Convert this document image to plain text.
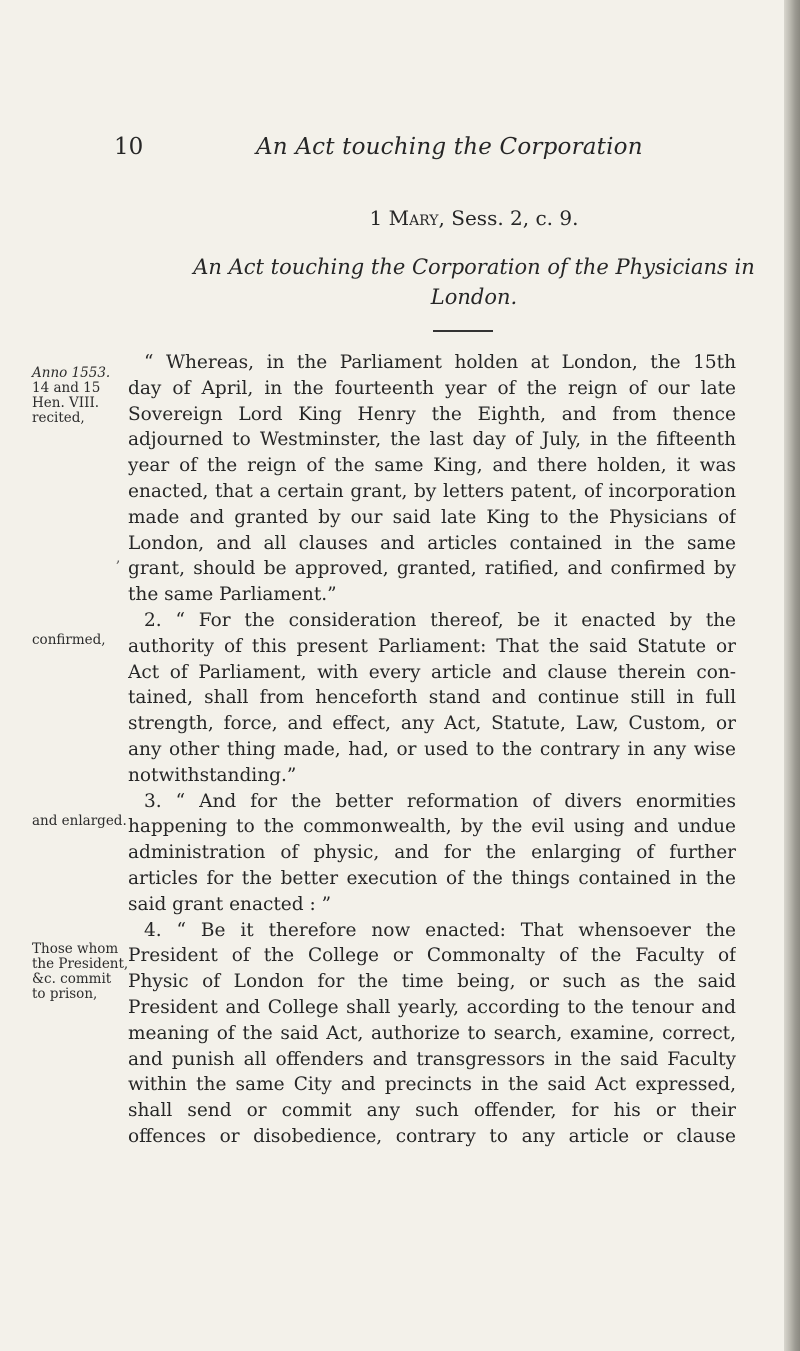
10	An Act touching the Corporation

1 Mary, Sess. 2, c. 9.

An Act touching the Corporation of the Physicians in
London.

Anno 1553.
14 and 15
Hen. VIII.
recited,
confirmed,
and enlarged.
Those whom
the President,
&c. commit
to prison,
,
“ Whereas, in the Parliament holden at London, the 15th
day of April, in the fourteenth year of the reign of our late
Sovereign Lord King Henry the Eighth, and from thence
adjourned to Westminster, the last day of July, in the fifteenth
year of the reign of the same King, and there holden, it was
enacted, that a certain grant, by letters patent, of incorporation
made and granted by our said late King to the Physicians of
London, and all clauses and articles contained in the same
grant, should be approved, granted, ratified, and confirmed by
the same Parliament.”
2. “ For the consideration thereof, be it enacted by the
authority of this present Parliament: That the said Statute or
Act of Parliament, with every article and clause therein con-
tained, shall from henceforth stand and continue still in full
strength, force, and effect, any Act, Statute, Law, Custom, or
any other thing made, had, or used to the contrary in any wise
notwithstanding.”
3. “ And for the better reformation of divers enormities
happening to the commonwealth, by the evil using and undue
administration of physic, and for the enlarging of further
articles for the better execution of the things contained in the
said grant enacted : ”
4. “ Be it therefore now enacted: That whensoever the
President of the College or Commonalty of the Faculty of
Physic of London for the time being, or such as the said
President and College shall yearly, according to the tenour and
meaning of the said Act, authorize to search, examine, correct,
and punish all offenders and transgressors in the said Faculty
within the same City and precincts in the said Act expressed,
shall send or commit any such offender, for his or their
offences or disobedience, contrary to any article or clause
